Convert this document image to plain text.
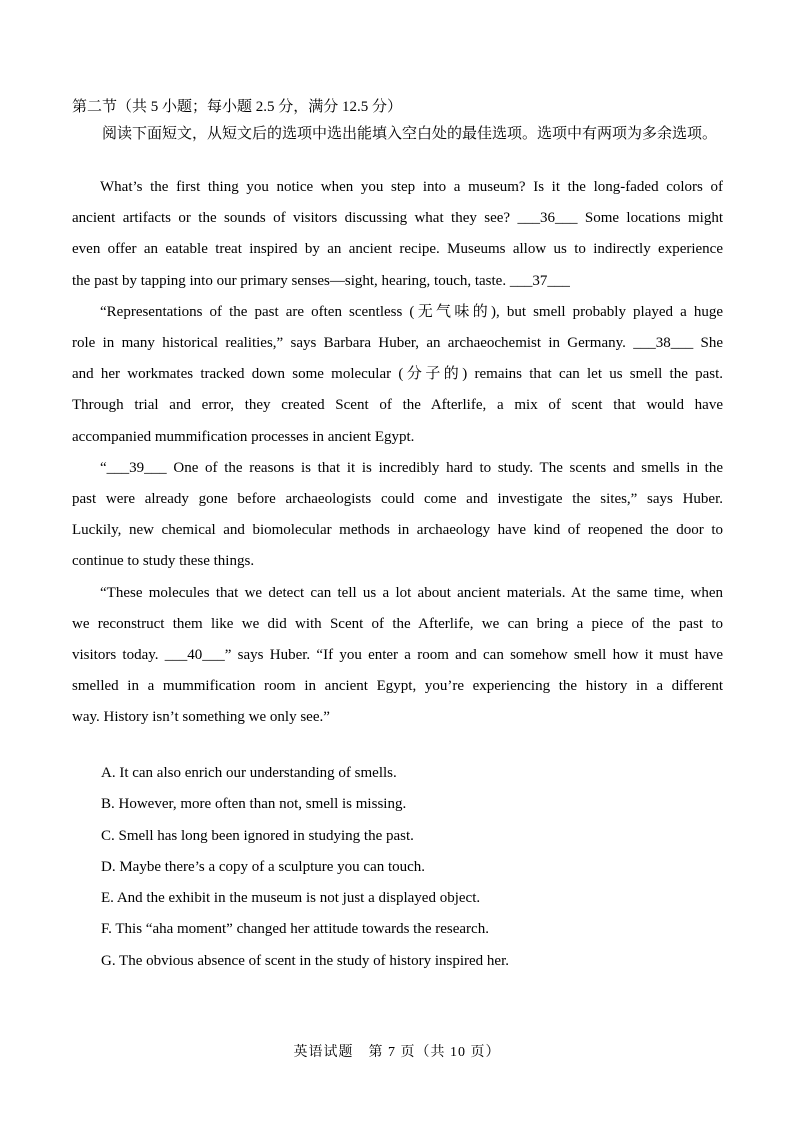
第二节（共 5 小题；每小题 2.5 分，满分 12.5 分）

阅读下面短文，从短文后的选项中选出能填入空白处的最佳选项。选项中有两项为多余选项。

What’s the first thing you notice when you step into a museum? Is it the long-faded colors of
ancient artifacts or the sounds of visitors discussing what they see? ___36___ Some locations might
even offer an eatable treat inspired by an ancient recipe. Museums allow us to indirectly experience
the past by tapping into our primary senses—sight, hearing, touch, taste. ___37___
“Representations of the past are often scentless (无气味的), but smell probably played a huge
role in many historical realities,” says Barbara Huber, an archaeochemist in Germany. ___38___ She
and her workmates tracked down some molecular (分子的) remains that can let us smell the past.
Through trial and error, they created Scent of the Afterlife, a mix of scent that would have
accompanied mummification processes in ancient Egypt.
“___39___ One of the reasons is that it is incredibly hard to study. The scents and smells in the
past were already gone before archaeologists could come and investigate the sites,” says Huber.
Luckily, new chemical and biomolecular methods in archaeology have kind of reopened the door to
continue to study these things.
“These molecules that we detect can tell us a lot about ancient materials. At the same time, when
we reconstruct them like we did with Scent of the Afterlife, we can bring a piece of the past to
visitors today. ___40___” says Huber. “If you enter a room and can somehow smell how it must have
smelled in a mummification room in ancient Egypt, you’re experiencing the history in a different
way. History isn’t something we only see.”
A. It can also enrich our understanding of smells.
B. However, more often than not, smell is missing.
C. Smell has long been ignored in studying the past.
D. Maybe there’s a copy of a sculpture you can touch.
E. And the exhibit in the museum is not just a displayed object.
F. This “aha moment” changed her attitude towards the research.
G. The obvious absence of scent in the study of history inspired her.
英语试题　第 7 页（共 10 页）
